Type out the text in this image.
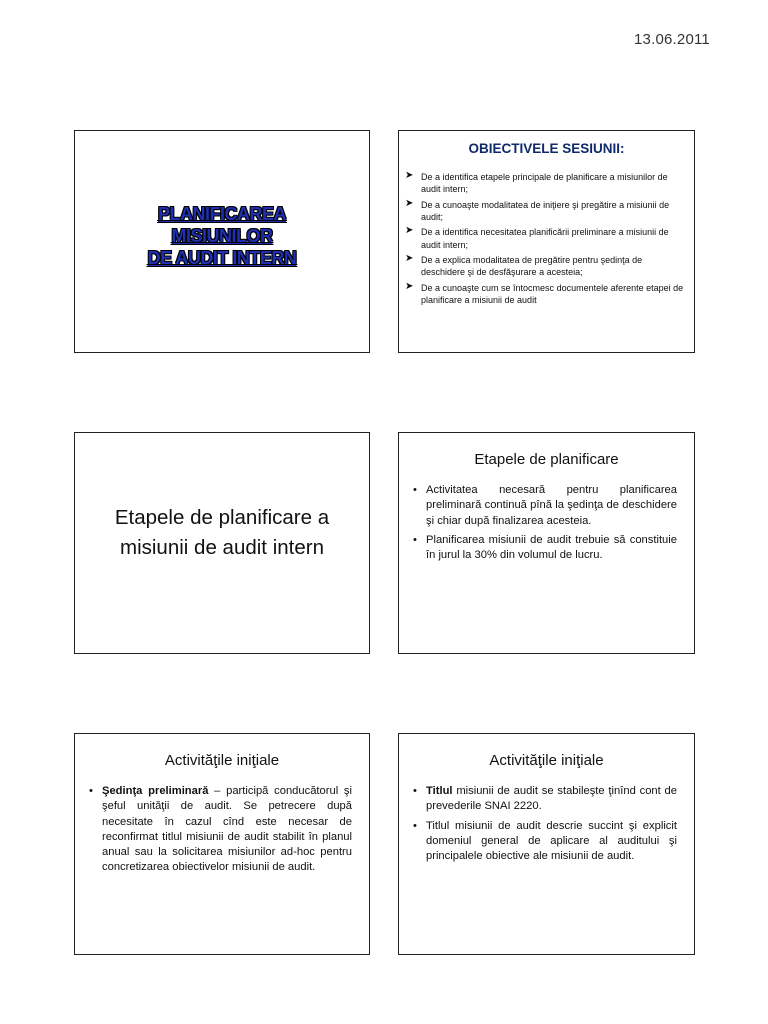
13.06.2011
PLANIFICAREA
MISIUNILOR
DE AUDIT INTERN
OBIECTIVELE SESIUNII:
➤ De a identifica etapele principale de planificare a misiunilor de audit intern;
➤ De a cunoaşte modalitatea de iniţiere şi pregătire a misiunii de audit;
➤ De a identifica necesitatea planificării preliminare a misiunii de audit intern;
➤ De a explica modalitatea de pregătire pentru şedinţa de deschidere şi de desfăşurare a acesteia;
➤ De a cunoaşte cum se întocmesc documentele aferente etapei de planificare a misiunii de audit
Etapele de planificare a
misiunii de audit intern
Etapele de planificare
• Activitatea necesară pentru planificarea preliminară continuă pînă la şedinţa de deschidere şi chiar după finalizarea acesteia.
• Planificarea misiunii de audit trebuie să constituie în jurul la 30% din volumul de lucru.
Activităţile iniţiale
• Şedinţa preliminară – participă conducătorul şi şeful unităţii de audit. Se petrecere după necesitate în cazul cînd este necesar de reconfirmat titlul misiunii de audit stabilit în planul anual sau la solicitarea misiunilor ad-hoc pentru concretizarea obiectivelor misiunii de audit.
Activităţile iniţiale
• Titlul misiunii de audit se stabileşte ţinînd cont de prevederile SNAI 2220.
• Titlul misiunii de audit descrie succint şi explicit domeniul general de aplicare al auditului şi principalele obiective ale misiunii de audit.
